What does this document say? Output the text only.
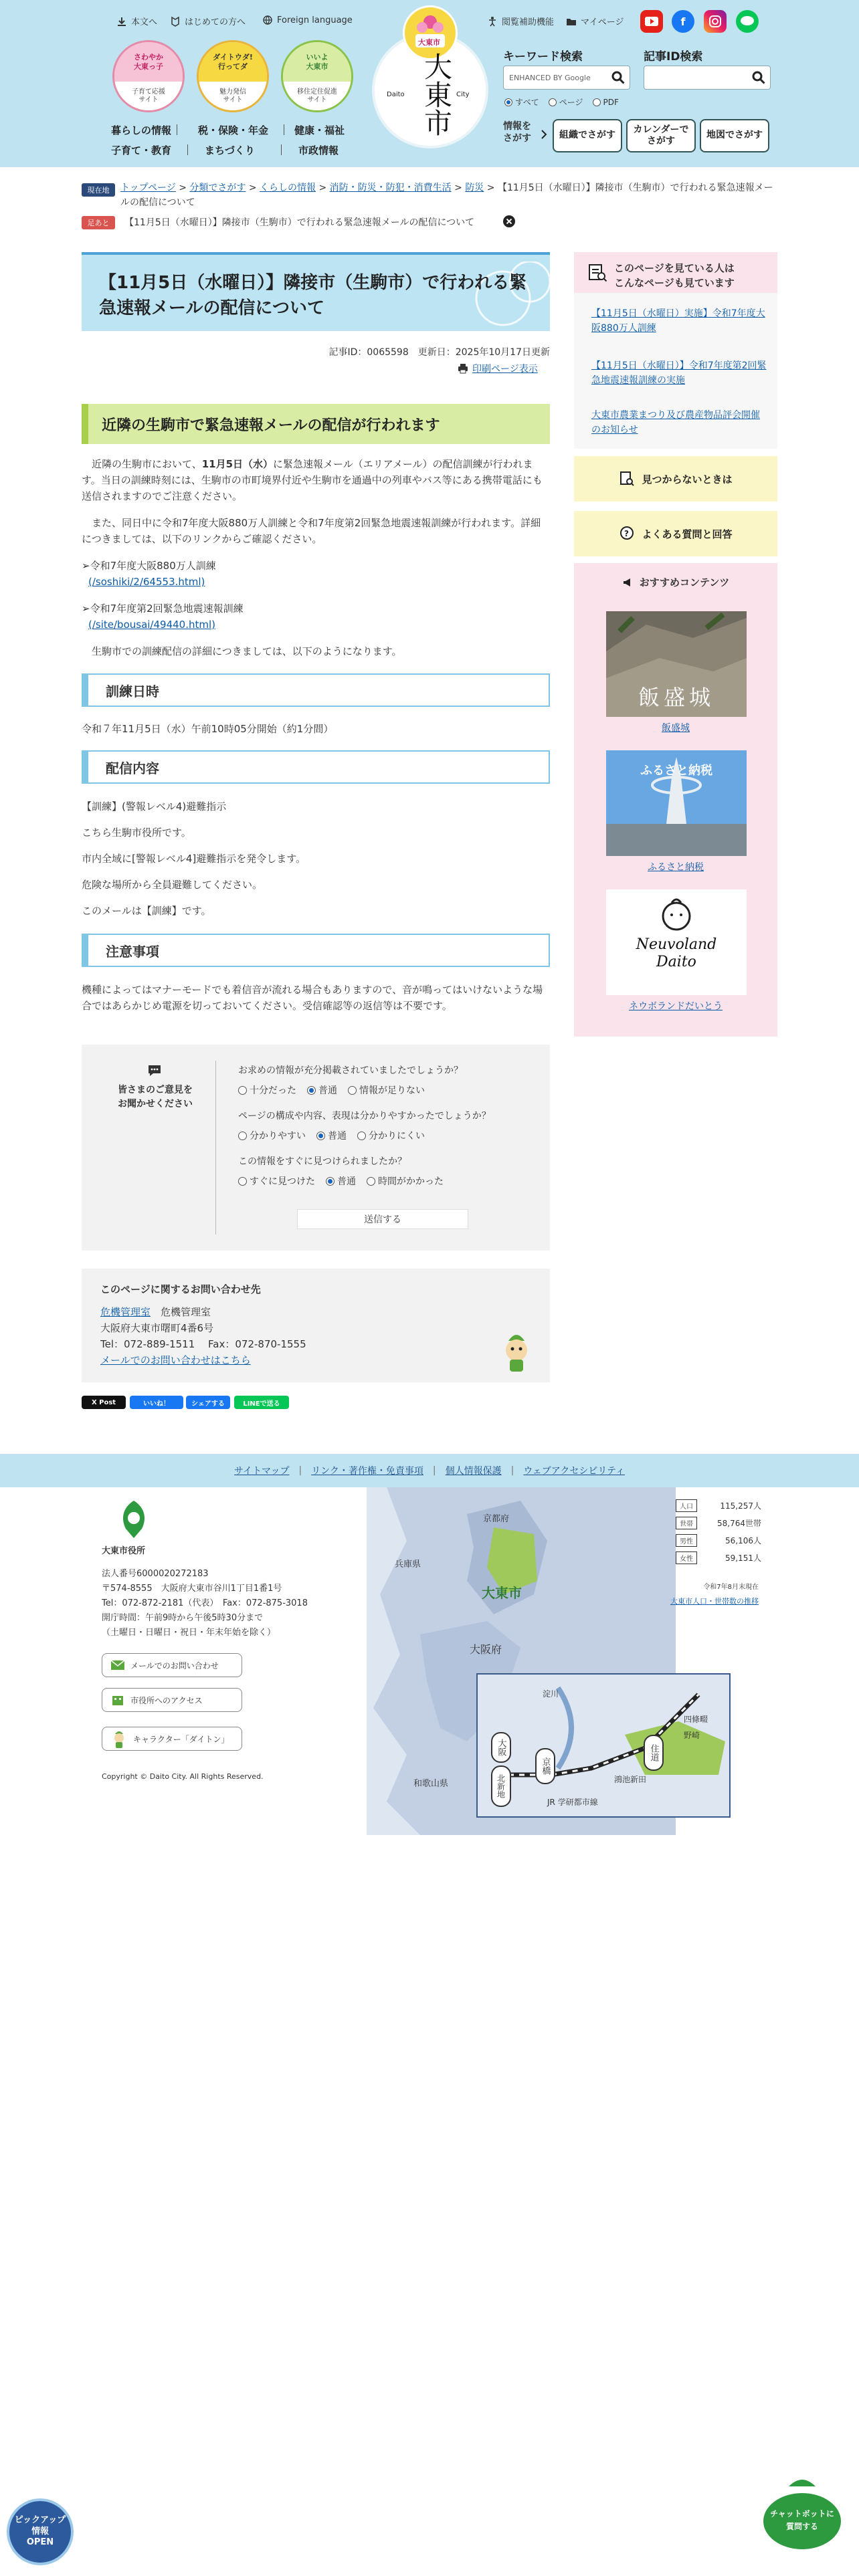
本文へ	はじめての方へ	Foreign language
さわやか
大東っ子
子育て応援
サイト
ダイトウダ!
行ってダ
魅力発信
サイト
いいよ
大東市
移住定住促進
サイト
暮らしの情報	税・保険・年金	健康・福祉
子育て・教育	まちづくり	市政情報
大東市
大東市
Daito	City
閲覧補助機能	マイページ	f
キーワード検索
ENHANCED BY Google
すべて	ページ	PDF
記事ID検索
情報を
さがす	組織でさがす
カレンダーで
さがす
地図でさがす
現在地	トップページ > 分類でさがす > くらしの情報 > 消防・防災・防犯・消費生活 > 防災 > 【11月5日（水曜日）】隣接市（生駒市）で行われる緊急速報メールの配信について
足あと	【11月5日（水曜日）】隣接市（生駒市）で行われる緊急速報メールの配信について
【11月5日（水曜日）】隣接市（生駒市）で行われる緊急速報メールの配信について
記事ID：0065598　更新日：2025年10月17日更新
印刷ページ表示
近隣の生駒市で緊急速報メールの配信が行われます
　近隣の生駒市において、11月5日（水）に緊急速報メール（エリアメール）の配信訓練が行われます。当日の訓練時刻には、生駒市の市町境界付近や生駒市を通過中の列車やバス等にある携帯電話にも送信されますのでご注意ください。
　また、同日中に令和7年度大阪880万人訓練と令和7年度第2回緊急地震速報訓練が行われます。詳細につきましては、以下のリンクからご確認ください。
➢令和7年度大阪880万人訓練
(/soshiki/2/64553.html)
➢令和7年度第2回緊急地震速報訓練
(/site/bousai/49440.html)
　生駒市での訓練配信の詳細につきましては、以下のようになります。
訓練日時
令和７年11月5日（水）午前10時05分開始（約1分間）
配信内容
【訓練】(警報レベル4)避難指示
こちら生駒市役所です。
市内全域に[警報レベル4]避難指示を発令します。
危険な場所から全員避難してください。
このメールは【訓練】です。
注意事項
機種によってはマナーモードでも着信音が流れる場合もありますので、音が鳴ってはいけないような場合ではあらかじめ電源を切っておいてください。受信確認等の返信等は不要です。
皆さまのご意見を
お聞かせください
お求めの情報が充分掲載されていましたでしょうか？
十分だった 普通 情報が足りない
ページの構成や内容、表現は分かりやすかったでしょうか？
分かりやすい 普通 分かりにくい
この情報をすぐに見つけられましたか？
すぐに見つけた 普通 時間がかかった
送信する
このページに関するお問い合わせ先
危機管理室　 危機管理室
大阪府大東市曙町4番6号
Tel：072-889-1511　 Fax：072-870-1555
メールでのお問い合わせはこちら
X Post	いいね！	シェアする	LINEで送る
このページを見ている人は
こんなページも見ています
【11月5日（水曜日）実施】令和7年度大阪880万人訓練
【11月5日（水曜日）】令和7年度第2回緊急地震速報訓練の実施
大東市農業まつり及び農産物品評会開催のお知らせ
見つからないときは
? よくある質問と回答
おすすめコンテンツ
飯盛城
飯盛城
ふるさと納税
ふるさと納税
Neuvoland
Daito
ネウボランドだいとう
サイトマップ | リンク・著作権・免責事項 | 個人情報保護 | ウェブアクセシビリティ
京都府
兵庫県
大東市
大阪府
和歌山県
淀川
四條畷
野崎
住道
鴻池新田
JR 学研都市線
京橋
大阪
北新地
人口	115,257人
世帯	58,764世帯
男性	56,106人
女性	59,151人
令和7年8月末現在
大東市人口・世帯数の推移
大東市役所
法人番号6000020272183
〒574-8555　大阪府大東市谷川1丁目1番1号
Tel：072-872-2181（代表）　Fax：072-875-3018
開庁時間：午前9時から午後5時30分まで
（土曜日・日曜日・祝日・年末年始を除く）
メールでのお問い合わせ
市役所へのアクセス
キャラクター「ダイトン」
Copyright © Daito City. All Rights Reserved.
ピックアップ
情報
OPEN
チャットボットに
質問する
